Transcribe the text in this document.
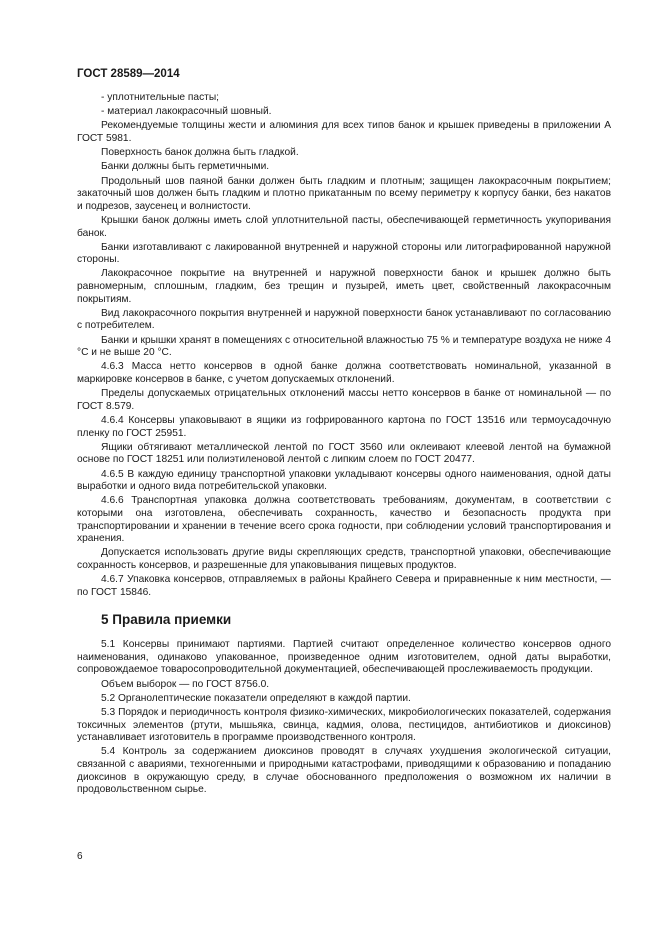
ГОСТ 28589—2014

- уплотнительные пасты;

- материал лакокрасочный шовный.

Рекомендуемые толщины жести и алюминия для всех типов банок и крышек приведены в приложении А ГОСТ 5981.

Поверхность банок должна быть гладкой.

Банки должны быть герметичными.

Продольный шов паяной банки должен быть гладким и плотным; защищен лакокрасочным покрытием; закаточный шов должен быть гладким и плотно прикатанным по всему периметру к корпусу банки, без накатов и подрезов, заусенец и волнистости.

Крышки банок должны иметь слой уплотнительной пасты, обеспечивающей герметичность укупоривания банок.

Банки изготавливают с лакированной внутренней и наружной стороны или литографированной наружной стороны.

Лакокрасочное покрытие на внутренней и наружной поверхности банок и крышек должно быть равномерным, сплошным, гладким, без трещин и пузырей, иметь цвет, свойственный лакокрасочным покрытиям.

Вид лакокрасочного покрытия внутренней и наружной поверхности банок устанавливают по согласованию с потребителем.

Банки и крышки хранят в помещениях с относительной влажностью 75 % и температуре воздуха не ниже 4 °С и не выше 20 °С.

4.6.3 Масса нетто консервов в одной банке должна соответствовать номинальной, указанной в маркировке консервов в банке, с учетом допускаемых отклонений.

Пределы допускаемых отрицательных отклонений массы нетто консервов в банке от номинальной — по ГОСТ 8.579.

4.6.4 Консервы упаковывают в ящики из гофрированного картона по ГОСТ 13516 или термоусадочную пленку по ГОСТ 25951.

Ящики обтягивают металлической лентой по ГОСТ 3560 или оклеивают клеевой лентой на бумажной основе по ГОСТ 18251 или полиэтиленовой лентой с липким слоем по ГОСТ 20477.

4.6.5 В каждую единицу транспортной упаковки укладывают консервы одного наименования, одной даты выработки и одного вида потребительской упаковки.

4.6.6 Транспортная упаковка должна соответствовать требованиям, документам, в соответствии с которыми она изготовлена, обеспечивать сохранность, качество и безопасность продукта при транспортировании и хранении в течение всего срока годности, при соблюдении условий транспортирования и хранения.

Допускается использовать другие виды скрепляющих средств, транспортной упаковки, обеспечивающие сохранность консервов, и разрешенные для упаковывания пищевых продуктов.

4.6.7 Упаковка консервов, отправляемых в районы Крайнего Севера и приравненные к ним местности, — по ГОСТ 15846.

5 Правила приемки

5.1 Консервы принимают партиями. Партией считают определенное количество консервов одного наименования, одинаково упакованное, произведенное одним изготовителем, одной даты выработки, сопровождаемое товаросопроводительной документацией, обеспечивающей прослеживаемость продукции.

Объем выборок — по ГОСТ 8756.0.

5.2 Органолептические показатели определяют в каждой партии.

5.3 Порядок и периодичность контроля физико-химических, микробиологических показателей, содержания токсичных элементов (ртути, мышьяка, свинца, кадмия, олова, пестицидов, антибиотиков и диоксинов) устанавливает изготовитель в программе производственного контроля.

5.4 Контроль за содержанием диоксинов проводят в случаях ухудшения экологической ситуации, связанной с авариями, техногенными и природными катастрофами, приводящими к образованию и попаданию диоксинов в окружающую среду, в случае обоснованного предположения о возможном их наличии в продовольственном сырье.

6
